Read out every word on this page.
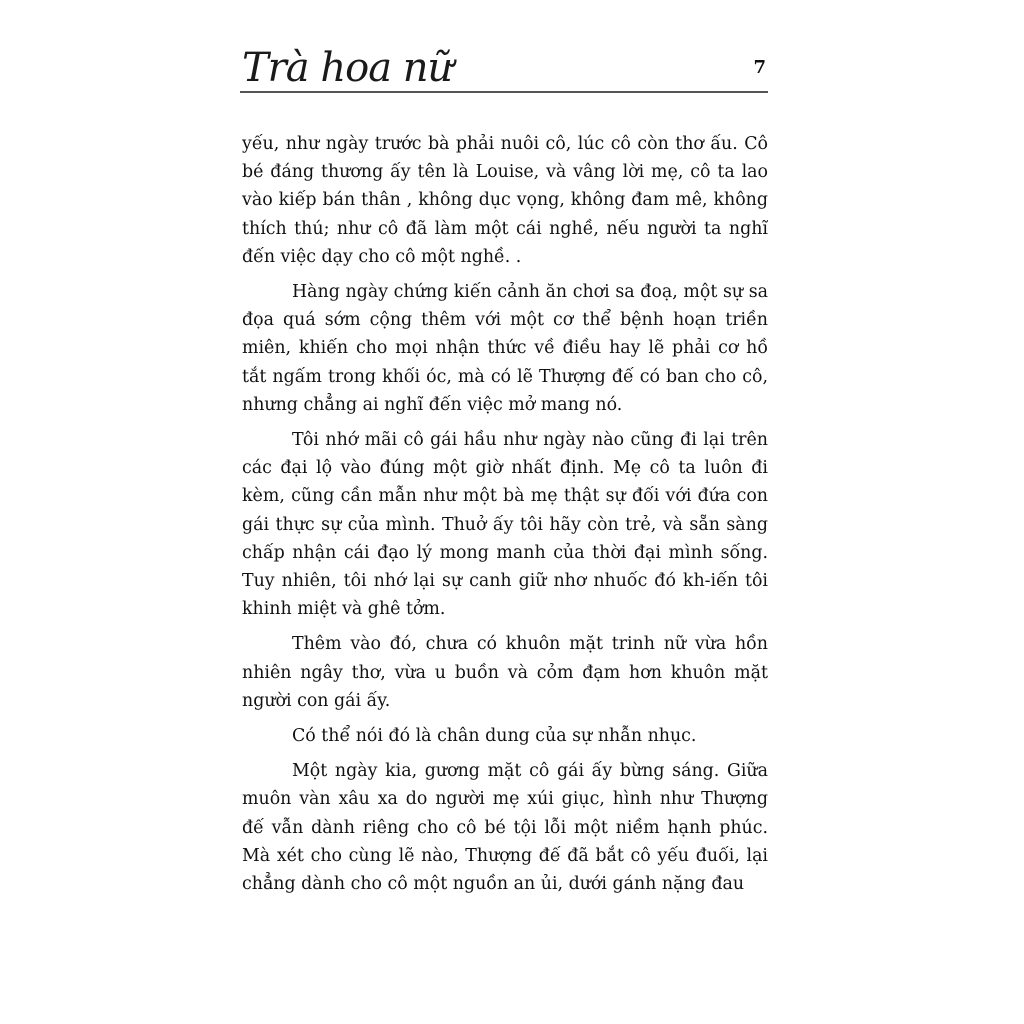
Trà hoa nữ	7

yếu, như ngày trước bà phải nuôi cô, lúc cô còn thơ ấu. Cô bé đáng thương ấy tên là Louise, và vâng lời mẹ, cô ta lao vào kiếp bán thân , không dục vọng, không đam mê, không thích thú; như cô đã làm một cái nghề, nếu người ta nghĩ đến việc dạy cho cô một nghề. .

Hàng ngày chứng kiến cảnh ăn chơi sa đoạ, một sự sa đọa quá sớm cộng thêm với một cơ thể bệnh hoạn triền miên, khiến cho mọi nhận thức về điều hay lẽ phải cơ hồ tắt ngấm trong khối óc, mà có lẽ Thượng đế có ban cho cô, nhưng chẳng ai nghĩ đến việc mở mang nó.

Tôi nhớ mãi cô gái hầu như ngày nào cũng đi lại trên các đại lộ vào đúng một giờ nhất định. Mẹ cô ta luôn đi kèm, cũng cần mẫn như một bà mẹ thật sự đối với đứa con gái thực sự của mình. Thuở ấy tôi hãy còn trẻ, và sẵn sàng chấp nhận cái đạo lý mong manh của thời đại mình sống. Tuy nhiên, tôi nhớ lại sự canh giữ nhơ nhuốc đó kh-iến tôi khinh miệt và ghê tởm.

Thêm vào đó, chưa có khuôn mặt trinh nữ vừa hồn nhiên ngây thơ, vừa u buồn và cỏm đạm hơn khuôn mặt người con gái ấy.

Có thể nói đó là chân dung của sự nhẫn nhục.

Một ngày kia, gương mặt cô gái ấy bừng sáng. Giữa muôn vàn xâu xa do người mẹ xúi giục, hình như Thượng đế vẫn dành riêng cho cô bé tội lỗi một niềm hạnh phúc. Mà xét cho cùng lẽ nào, Thượng đế đã bắt cô yếu đuối, lại chẳng dành cho cô một nguồn an ủi, dưới gánh nặng đau
